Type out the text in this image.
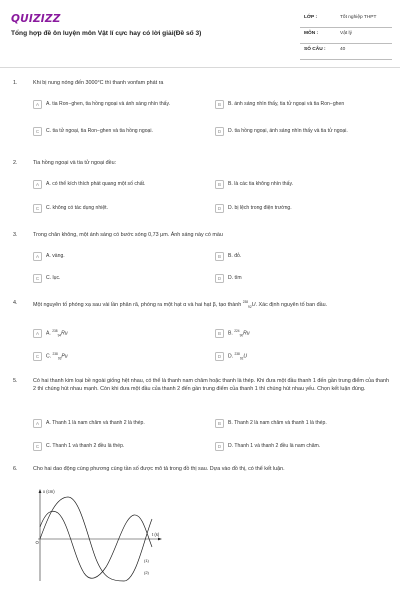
QUIZIZZ
Tổng hợp đề ôn luyện môn Vật lí cực hay có lời giải(Đề số 3)
LỚP :	Tốt nghiệp THPT
MÔN :	Vật lý
SỐ CÂU :	40
1.	Khi bị nung nóng đến 3000°C thì thanh vonfam phát ra
A	A. tia Ron−ghen, tia hồng ngoại và ánh sáng nhìn thấy.	B	B. ánh sáng nhìn thấy, tia tử ngoại và tia Ron−ghen
C	C. tia tử ngoại, tia Ron−ghen và tia hồng ngoại.	D	D. tia hồng ngoại, ánh sáng nhìn thấy và tia tử ngoại.
2.	Tia hồng ngoại và tia tử ngoại đều:
A	A. có thể kích thích phát quang một số chất.	B	B. là các tia không nhìn thấy.
C	C. không có tác dụng nhiệt.	D	D. bị lệch trong điện trường.
3.	Trong chân không, một ánh sáng có bước sóng 0,73 μm. Ánh sáng này có màu
A	A. vàng.	B	B. đỏ.
C	C. lục.	D	D. tím
4.	Một nguyên tố phóng xạ sau vài lần phân rã, phóng ra một hạt α và hai hạt β, tạo thành $^{238}_{92}$U. Xác định nguyên tố ban đầu.
A	A. $^{238}_{94}$Ru	B	B. $^{224}_{90}$Ru
C	C. $^{238}_{93}$Pu	D	D. $^{238}_{92}$U
5.	Có hai thanh kim loại bề ngoài giống hệt nhau, có thể là thanh nam châm hoặc thanh là thép. Khi đưa một đầu thanh 1 đến gần trung điểm của thanh 2 thì chúng hút nhau mạnh. Còn khi đưa một đầu của thanh 2 đến gần trung điểm của thanh 1 thì chúng hút nhau yếu. Chọn kết luận đúng.
A	A. Thanh 1 là nam châm và thanh 2 là thép.	B	B. Thanh 2 là nam châm và thanh 1 là thép.
C	C. Thanh 1 và thanh 2 đều là thép.	D	D. Thanh 1 và thanh 2 đều là nam châm.
6.	Cho hai dao động cùng phương cùng tần số được mô tả trong đồ thị sau. Dựa vào đồ thị, có thể kết luận.
x (cm)
t (s)
O
(1)
(2)
